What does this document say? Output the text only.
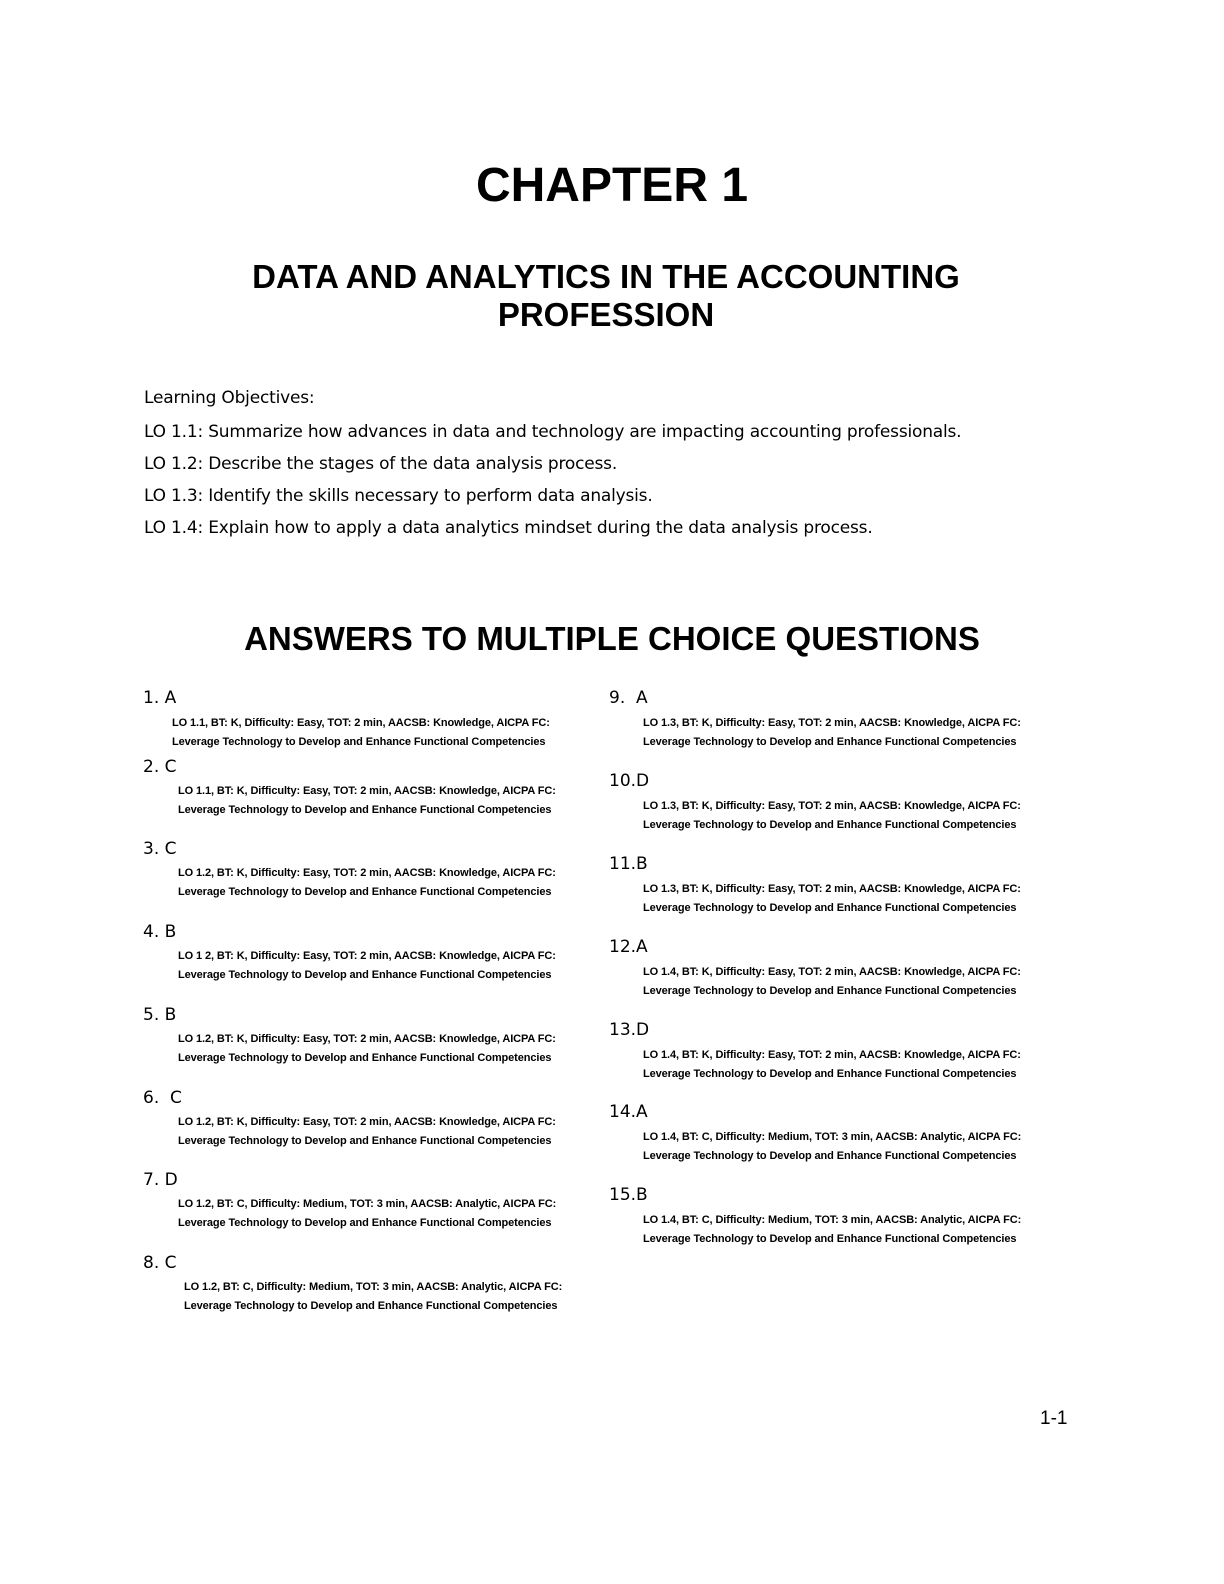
CHAPTER 1
DATA AND ANALYTICS IN THE ACCOUNTING PROFESSION
Learning Objectives:
LO 1.1: Summarize how advances in data and technology are impacting accounting professionals.
LO 1.2: Describe the stages of the data analysis process.
LO 1.3: Identify the skills necessary to perform data analysis.
LO 1.4: Explain how to apply a data analytics mindset during the data analysis process.
ANSWERS TO MULTIPLE CHOICE QUESTIONS
1. A
LO 1.1, BT: K, Difficulty: Easy, TOT: 2 min, AACSB: Knowledge, AICPA FC:
Leverage Technology to Develop and Enhance Functional Competencies
2. C
LO 1.1, BT: K, Difficulty: Easy, TOT: 2 min, AACSB: Knowledge, AICPA FC:
Leverage Technology to Develop and Enhance Functional Competencies
3. C
LO 1.2, BT: K, Difficulty: Easy, TOT: 2 min, AACSB: Knowledge, AICPA FC:
Leverage Technology to Develop and Enhance Functional Competencies
4. B
LO 1 2, BT: K, Difficulty: Easy, TOT: 2 min, AACSB: Knowledge, AICPA FC:
Leverage Technology to Develop and Enhance Functional Competencies
5. B
LO 1.2, BT: K, Difficulty: Easy, TOT: 2 min, AACSB: Knowledge, AICPA FC:
Leverage Technology to Develop and Enhance Functional Competencies
6. C
LO 1.2, BT: K, Difficulty: Easy, TOT: 2 min, AACSB: Knowledge, AICPA FC:
Leverage Technology to Develop and Enhance Functional Competencies
7. D
LO 1.2, BT: C, Difficulty: Medium, TOT: 3 min, AACSB: Analytic, AICPA FC:
Leverage Technology to Develop and Enhance Functional Competencies
8. C
LO 1.2, BT: C, Difficulty: Medium, TOT: 3 min, AACSB: Analytic, AICPA FC:
Leverage Technology to Develop and Enhance Functional Competencies
9. A
LO 1.3, BT: K, Difficulty: Easy, TOT: 2 min, AACSB: Knowledge, AICPA FC:
Leverage Technology to Develop and Enhance Functional Competencies
10.D
LO 1.3, BT: K, Difficulty: Easy, TOT: 2 min, AACSB: Knowledge, AICPA FC:
Leverage Technology to Develop and Enhance Functional Competencies
11.B
LO 1.3, BT: K, Difficulty: Easy, TOT: 2 min, AACSB: Knowledge, AICPA FC:
Leverage Technology to Develop and Enhance Functional Competencies
12.A
LO 1.4, BT: K, Difficulty: Easy, TOT: 2 min, AACSB: Knowledge, AICPA FC:
Leverage Technology to Develop and Enhance Functional Competencies
13.D
LO 1.4, BT: K, Difficulty: Easy, TOT: 2 min, AACSB: Knowledge, AICPA FC:
Leverage Technology to Develop and Enhance Functional Competencies
14.A
LO 1.4, BT: C, Difficulty: Medium, TOT: 3 min, AACSB: Analytic, AICPA FC:
Leverage Technology to Develop and Enhance Functional Competencies
15.B
LO 1.4, BT: C, Difficulty: Medium, TOT: 3 min, AACSB: Analytic, AICPA FC:
Leverage Technology to Develop and Enhance Functional Competencies
1-1
